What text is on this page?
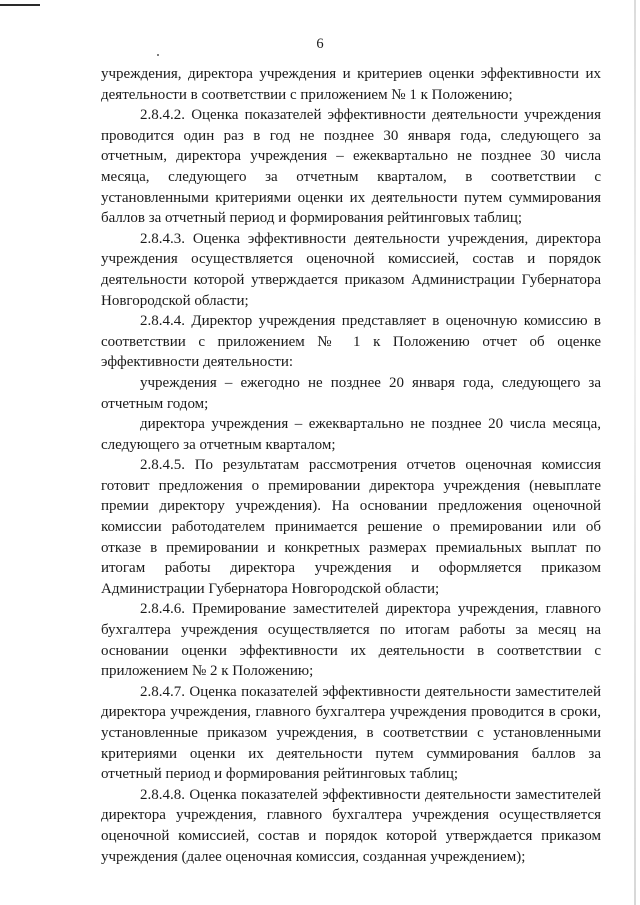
6

учреждения, директора учреждения и критериев оценки эффективности их деятельности в соответствии с приложением № 1 к Положению;

2.8.4.2. Оценка показателей эффективности деятельности учреждения проводится один раз в год не позднее 30 января года, следующего за отчетным, директора учреждения – ежеквартально не позднее 30 числа месяца, следующего за отчетным кварталом, в соответствии с установленными критериями оценки их деятельности путем суммирования баллов за отчетный период и формирования рейтинговых таблиц;

2.8.4.3. Оценка эффективности деятельности учреждения, директора учреждения осуществляется оценочной комиссией, состав и порядок деятельности которой утверждается приказом Администрации Губернатора Новгородской области;

2.8.4.4. Директор учреждения представляет в оценочную комиссию в соответствии с приложением № 1 к Положению отчет об оценке эффективности деятельности:

учреждения – ежегодно не позднее 20 января года, следующего за отчетным годом;

директора учреждения – ежеквартально не позднее 20 числа месяца, следующего за отчетным кварталом;

2.8.4.5. По результатам рассмотрения отчетов оценочная комиссия готовит предложения о премировании директора учреждения (невыплате премии директору учреждения). На основании предложения оценочной комиссии работодателем принимается решение о премировании или об отказе в премировании и конкретных размерах премиальных выплат по итогам работы директора учреждения и оформляется приказом Администрации Губернатора Новгородской области;

2.8.4.6. Премирование заместителей директора учреждения, главного бухгалтера учреждения осуществляется по итогам работы за месяц на основании оценки эффективности их деятельности в соответствии с приложением № 2 к Положению;

2.8.4.7. Оценка показателей эффективности деятельности заместителей директора учреждения, главного бухгалтера учреждения проводится в сроки, установленные приказом учреждения, в соответствии с установленными критериями оценки их деятельности путем суммирования баллов за отчетный период и формирования рейтинговых таблиц;

2.8.4.8. Оценка показателей эффективности деятельности заместителей директора учреждения, главного бухгалтера учреждения осуществляется оценочной комиссией, состав и порядок которой утверждается приказом учреждения (далее оценочная комиссия, созданная учреждением);
